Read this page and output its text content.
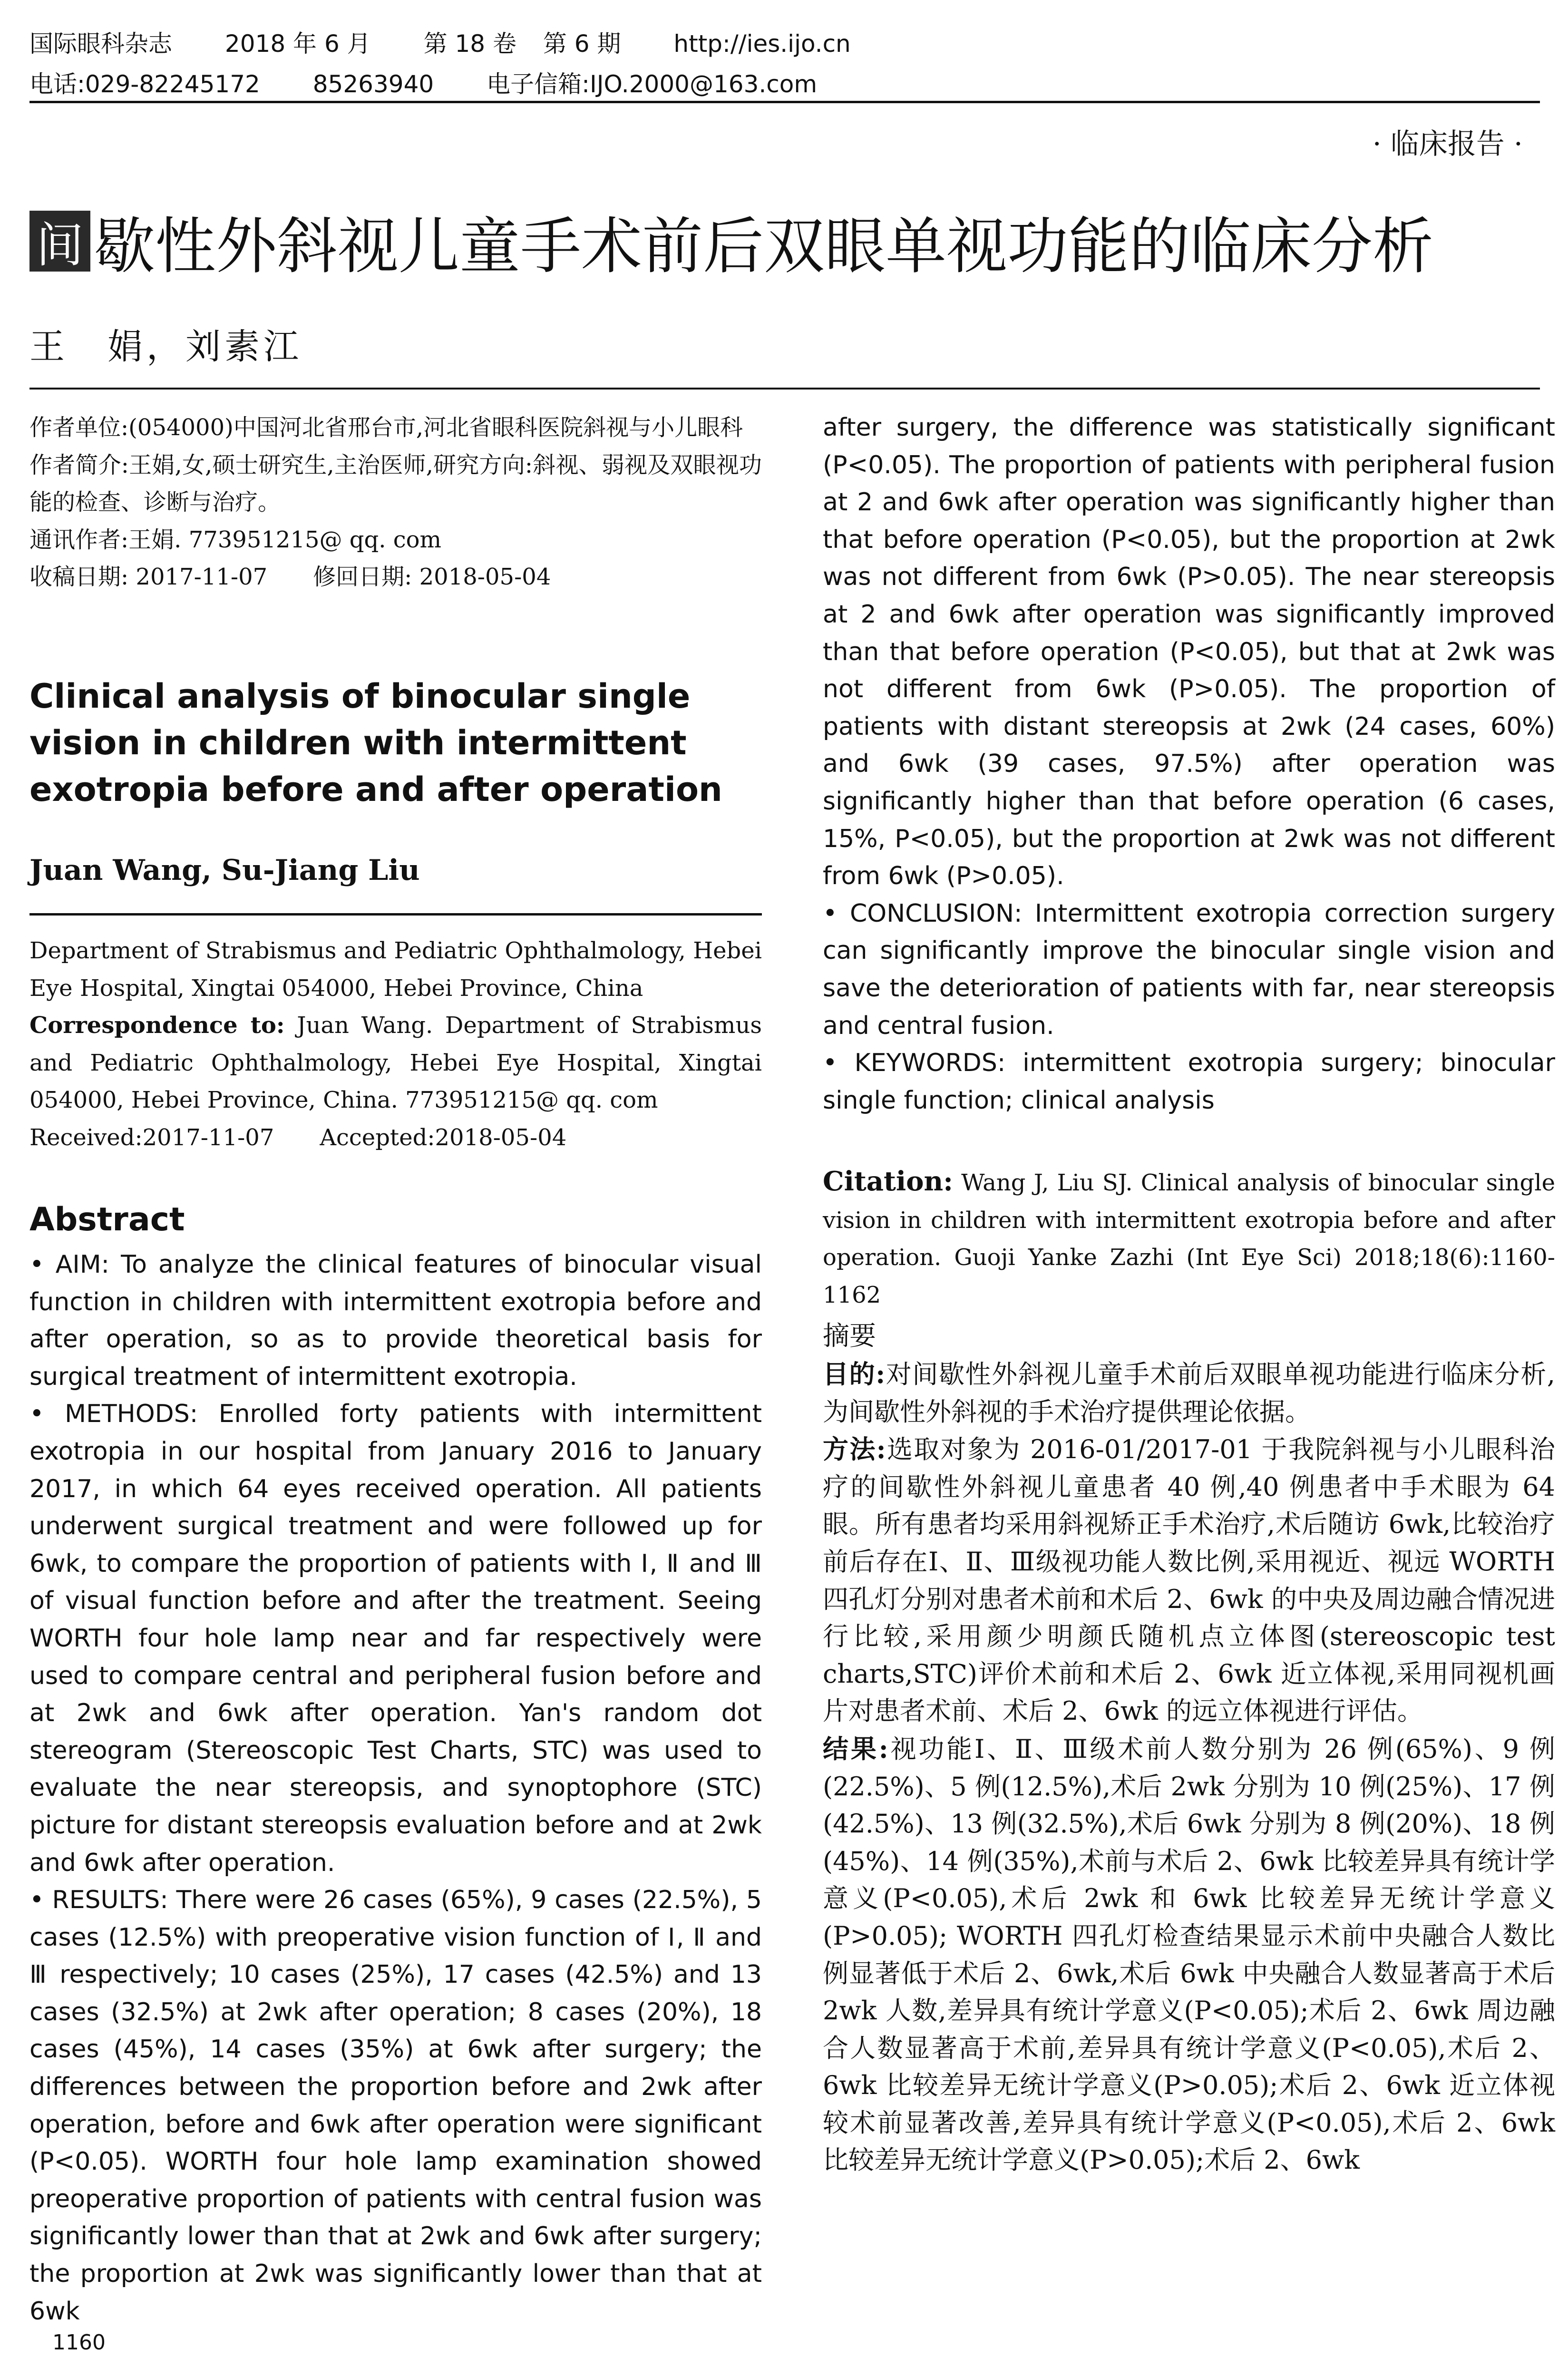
国际眼科杂志 2018 年 6 月 第 18 卷 第 6 期 http://ies.ijo.cn
电话:029-82245172 85263940 电子信箱:IJO.2000@163.com
· 临床报告 ·
间 歇性外斜视儿童手术前后双眼单视功能的临床分析
王　娟，刘素江

作者单位:(054000)中国河北省邢台市,河北省眼科医院斜视与小儿眼科

作者简介:王娟,女,硕士研究生,主治医师,研究方向:斜视、弱视及双眼视功能的检查、诊断与治疗。

通讯作者:王娟. 773951215@ qq. com

收稿日期: 2017-11-07　　修回日期: 2018-05-04

Clinical analysis of binocular single vision in children with intermittent exotropia before and after operation
Juan Wang, Su-Jiang Liu

Department of Strabismus and Pediatric Ophthalmology, Hebei Eye Hospital, Xingtai 054000, Hebei Province, China

Correspondence to: Juan Wang. Department of Strabismus and Pediatric Ophthalmology, Hebei Eye Hospital, Xingtai 054000, Hebei Province, China. 773951215@ qq. com

Received:2017-11-07　　Accepted:2018-05-04

Abstract

• AIM: To analyze the clinical features of binocular visual function in children with intermittent exotropia before and after operation, so as to provide theoretical basis for surgical treatment of intermittent exotropia.

• METHODS: Enrolled forty patients with intermittent exotropia in our hospital from January 2016 to January 2017, in which 64 eyes received operation. All patients underwent surgical treatment and were followed up for 6wk, to compare the proportion of patients with Ⅰ, Ⅱ and Ⅲ of visual function before and after the treatment. Seeing WORTH four hole lamp near and far respectively were used to compare central and peripheral fusion before and at 2wk and 6wk after operation. Yan's random dot stereogram (Stereoscopic Test Charts, STC) was used to evaluate the near stereopsis, and synoptophore (STC) picture for distant stereopsis evaluation before and at 2wk and 6wk after operation.

• RESULTS: There were 26 cases (65%), 9 cases (22.5%), 5 cases (12.5%) with preoperative vision function of Ⅰ, Ⅱ and Ⅲ respectively; 10 cases (25%), 17 cases (42.5%) and 13 cases (32.5%) at 2wk after operation; 8 cases (20%), 18 cases (45%), 14 cases (35%) at 6wk after surgery; the differences between the proportion before and 2wk after operation, before and 6wk after operation were significant (P<0.05). WORTH four hole lamp examination showed preoperative proportion of patients with central fusion was significantly lower than that at 2wk and 6wk after surgery; the proportion at 2wk was significantly lower than that at 6wk

after surgery, the difference was statistically significant (P<0.05). The proportion of patients with peripheral fusion at 2 and 6wk after operation was significantly higher than that before operation (P<0.05), but the proportion at 2wk was not different from 6wk (P>0.05). The near stereopsis at 2 and 6wk after operation was significantly improved than that before operation (P<0.05), but that at 2wk was not different from 6wk (P>0.05). The proportion of patients with distant stereopsis at 2wk (24 cases, 60%) and 6wk (39 cases, 97.5%) after operation was significantly higher than that before operation (6 cases, 15%, P<0.05), but the proportion at 2wk was not different from 6wk (P>0.05).

• CONCLUSION: Intermittent exotropia correction surgery can significantly improve the binocular single vision and save the deterioration of patients with far, near stereopsis and central fusion.

• KEYWORDS: intermittent exotropia surgery; binocular single function; clinical analysis

Citation: Wang J, Liu SJ. Clinical analysis of binocular single vision in children with intermittent exotropia before and after operation. Guoji Yanke Zazhi (Int Eye Sci) 2018;18(6):1160-1162

摘要

目的:对间歇性外斜视儿童手术前后双眼单视功能进行临床分析,为间歇性外斜视的手术治疗提供理论依据。

方法:选取对象为 2016-01/2017-01 于我院斜视与小儿眼科治疗的间歇性外斜视儿童患者 40 例,40 例患者中手术眼为 64 眼。所有患者均采用斜视矫正手术治疗,术后随访 6wk,比较治疗前后存在Ⅰ、Ⅱ、Ⅲ级视功能人数比例,采用视近、视远 WORTH 四孔灯分别对患者术前和术后 2、6wk 的中央及周边融合情况进行比较,采用颜少明颜氏随机点立体图(stereoscopic test charts,STC)评价术前和术后 2、6wk 近立体视,采用同视机画片对患者术前、术后 2、6wk 的远立体视进行评估。

结果:视功能Ⅰ、Ⅱ、Ⅲ级术前人数分别为 26 例(65%)、9 例(22.5%)、5 例(12.5%),术后 2wk 分别为 10 例(25%)、17 例(42.5%)、13 例(32.5%),术后 6wk 分别为 8 例(20%)、18 例(45%)、14 例(35%),术前与术后 2、6wk 比较差异具有统计学意义(P<0.05),术后 2wk 和 6wk 比较差异无统计学意义(P>0.05); WORTH 四孔灯检查结果显示术前中央融合人数比例显著低于术后 2、6wk,术后 6wk 中央融合人数显著高于术后 2wk 人数,差异具有统计学意义(P<0.05);术后 2、6wk 周边融合人数显著高于术前,差异具有统计学意义(P<0.05),术后 2、6wk 比较差异无统计学意义(P>0.05);术后 2、6wk 近立体视较术前显著改善,差异具有统计学意义(P<0.05),术后 2、6wk 比较差异无统计学意义(P>0.05);术后 2、6wk

1160
